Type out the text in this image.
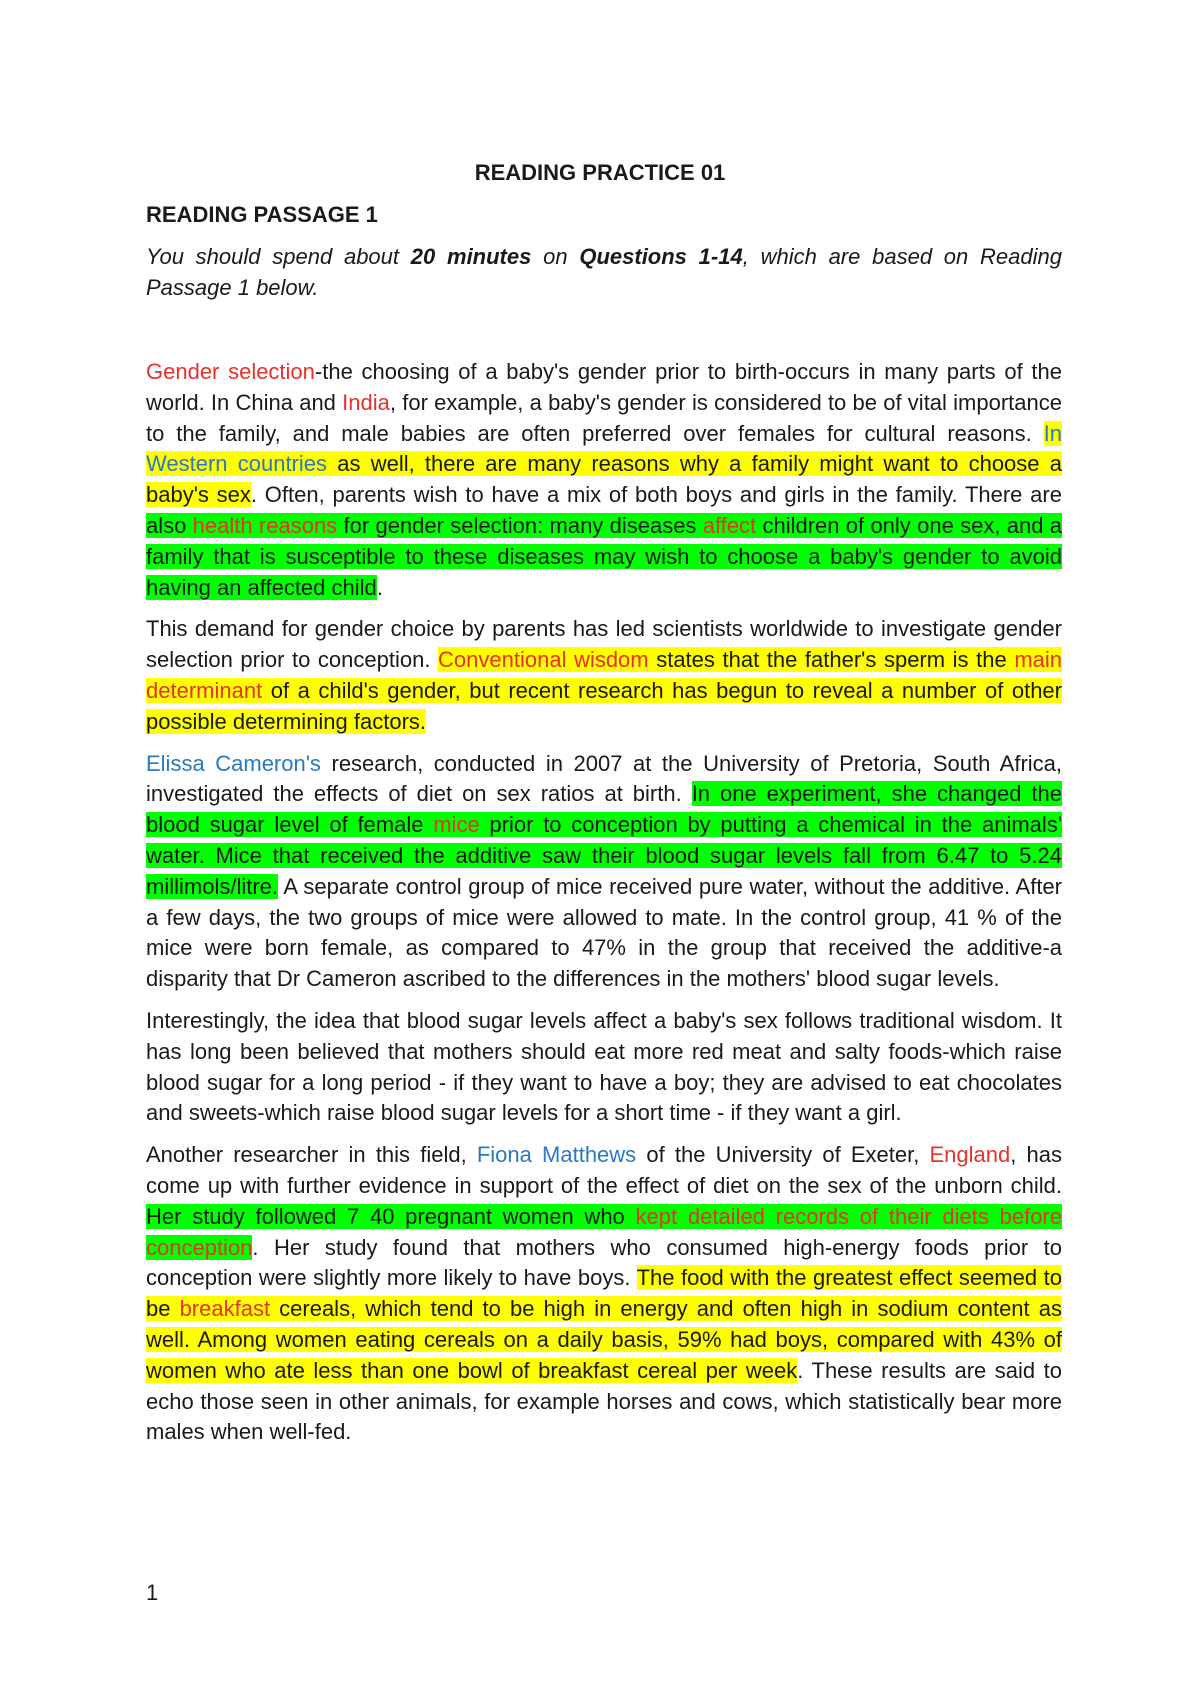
READING PRACTICE 01
READING PASSAGE 1

You should spend about 20 minutes on Questions 1-14, which are based on Reading Passage 1 below.

Gender selection-the choosing of a baby's gender prior to birth-occurs in many parts of the world. In China and India, for example, a baby's gender is considered to be of vital importance to the family, and male babies are often preferred over females for cultural reasons. In Western countries as well, there are many reasons why a family might want to choose a baby's sex. Often, parents wish to have a mix of both boys and girls in the family. There are also health reasons for gender selection: many diseases affect children of only one sex, and a family that is susceptible to these diseases may wish to choose a baby's gender to avoid having an affected child.

This demand for gender choice by parents has led scientists worldwide to investigate gender selection prior to conception. Conventional wisdom states that the father's sperm is the main determinant of a child's gender, but recent research has begun to reveal a number of other possible determining factors.

Elissa Cameron's research, conducted in 2007 at the University of Pretoria, South Africa, investigated the effects of diet on sex ratios at birth. In one experiment, she changed the blood sugar level of female mice prior to conception by putting a chemical in the animals' water. Mice that received the additive saw their blood sugar levels fall from 6.47 to 5.24 millimols/litre. A separate control group of mice received pure water, without the additive. After a few days, the two groups of mice were allowed to mate. In the control group, 41 % of the mice were born female, as compared to 47% in the group that received the additive-a disparity that Dr Cameron ascribed to the differences in the mothers' blood sugar levels.

Interestingly, the idea that blood sugar levels affect a baby's sex follows traditional wisdom. It has long been believed that mothers should eat more red meat and salty foods-which raise blood sugar for a long period - if they want to have a boy; they are advised to eat chocolates and sweets-which raise blood sugar levels for a short time - if they want a girl.

Another researcher in this field, Fiona Matthews of the University of Exeter, England, has come up with further evidence in support of the effect of diet on the sex of the unborn child. Her study followed 7 40 pregnant women who kept detailed records of their diets before conception. Her study found that mothers who consumed high-energy foods prior to conception were slightly more likely to have boys. The food with the greatest effect seemed to be breakfast cereals, which tend to be high in energy and often high in sodium content as well. Among women eating cereals on a daily basis, 59% had boys, compared with 43% of women who ate less than one bowl of breakfast cereal per week. These results are said to echo those seen in other animals, for example horses and cows, which statistically bear more males when well-fed.

1
